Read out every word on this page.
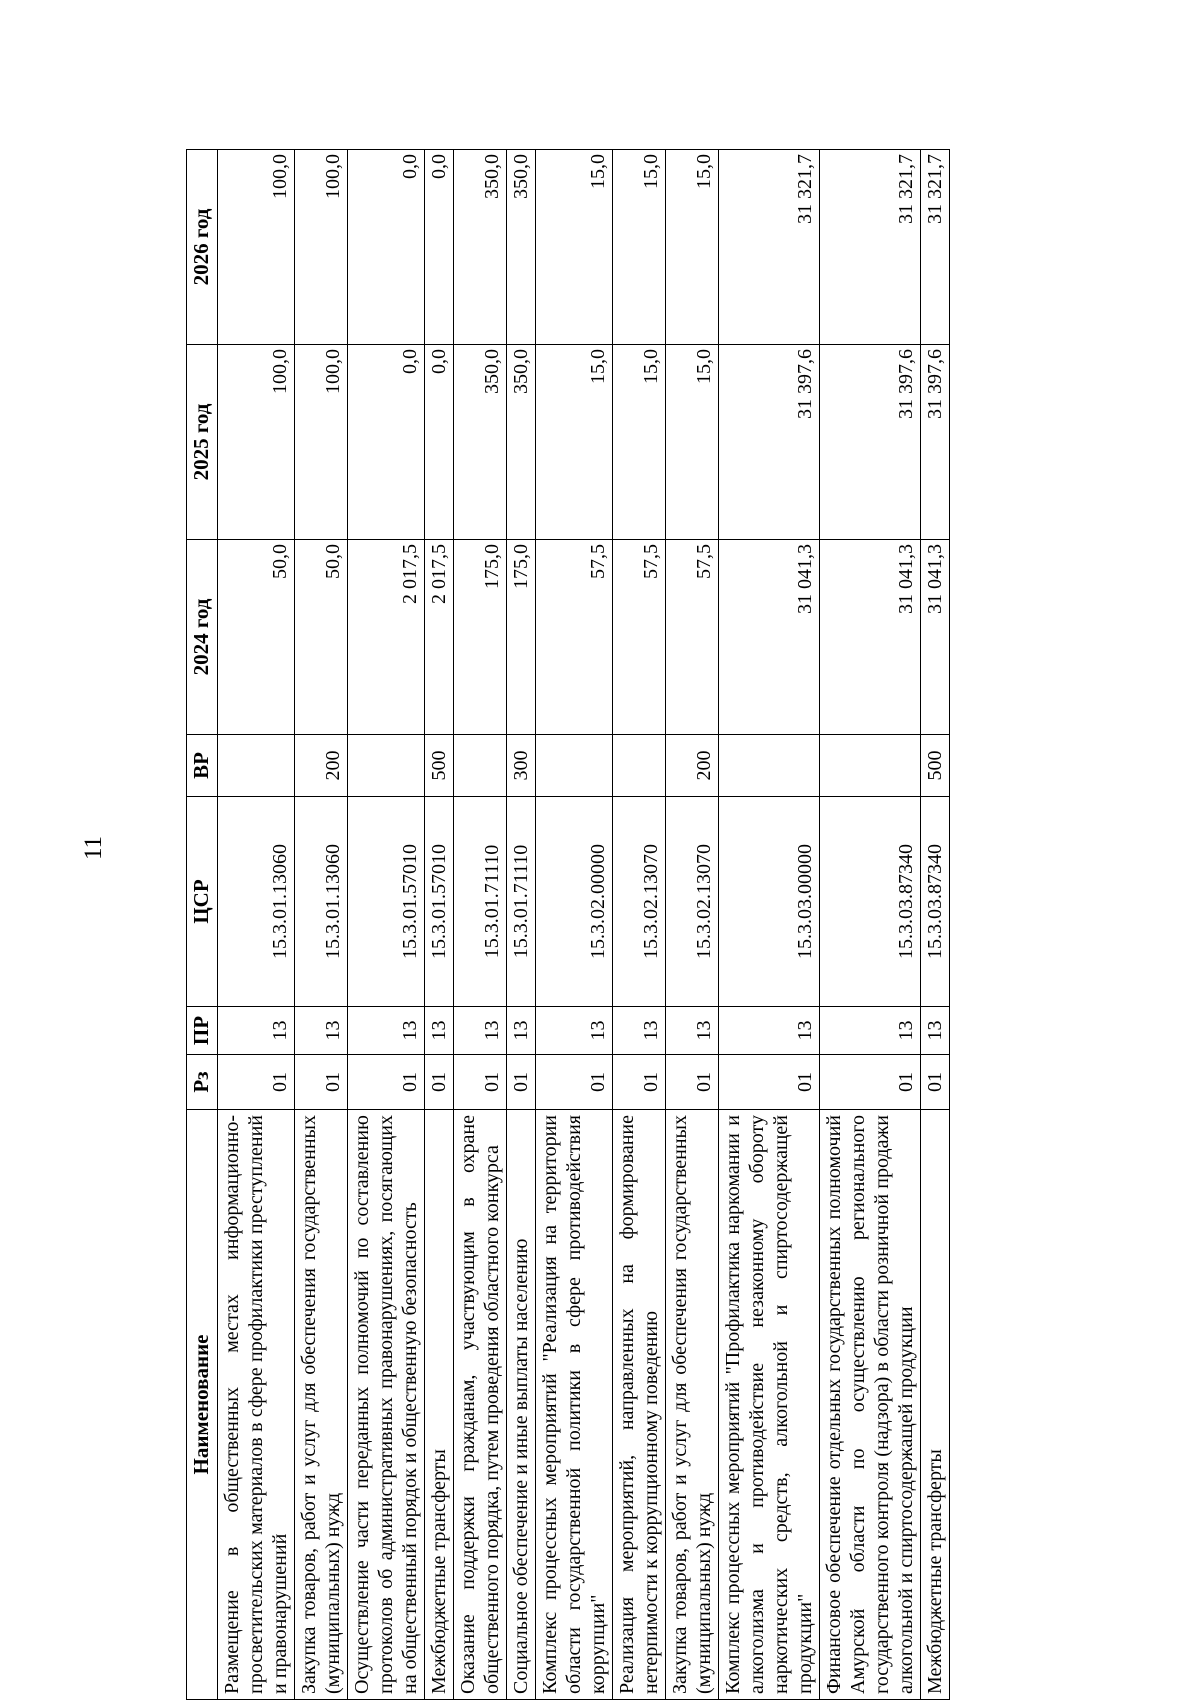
11
Наименование	Рз	ПР	ЦСР	ВР	2024 год	2025 год	2026 год
Размещение в общественных местах информационно-просветительских материалов в сфере профилактики преступлений и правонарушений	01	13	15.3.01.13060		50,0	100,0	100,0
Закупка товаров, работ и услуг для обеспечения государственных (муниципальных) нужд	01	13	15.3.01.13060	200	50,0	100,0	100,0
Осуществление части переданных полномочий по составлению протоколов об административных правонарушениях, посягающих на общественный порядок и общественную безопасность	01	13	15.3.01.57010		2 017,5	0,0	0,0
Межбюджетные трансферты	01	13	15.3.01.57010	500	2 017,5	0,0	0,0
Оказание поддержки гражданам, участвующим в охране общественного порядка, путем проведения областного конкурса	01	13	15.3.01.71110		175,0	350,0	350,0
Социальное обеспечение и иные выплаты населению	01	13	15.3.01.71110	300	175,0	350,0	350,0
Комплекс процессных мероприятий "Реализация на территории области государственной политики в сфере противодействия коррупции"	01	13	15.3.02.00000		57,5	15,0	15,0
Реализация мероприятий, направленных на формирование нетерпимости к коррупционному поведению	01	13	15.3.02.13070		57,5	15,0	15,0
Закупка товаров, работ и услуг для обеспечения государственных (муниципальных) нужд	01	13	15.3.02.13070	200	57,5	15,0	15,0
Комплекс процессных мероприятий "Профилактика наркомании и алкоголизма и противодействие незаконному обороту наркотических средств, алкогольной и спиртосодержащей продукции"	01	13	15.3.03.00000		31 041,3	31 397,6	31 321,7
Финансовое обеспечение отдельных государственных полномочий Амурской области по осуществлению регионального государственного контроля (надзора) в области розничной продажи алкогольной и спиртосодержащей продукции	01	13	15.3.03.87340		31 041,3	31 397,6	31 321,7
Межбюджетные трансферты	01	13	15.3.03.87340	500	31 041,3	31 397,6	31 321,7
